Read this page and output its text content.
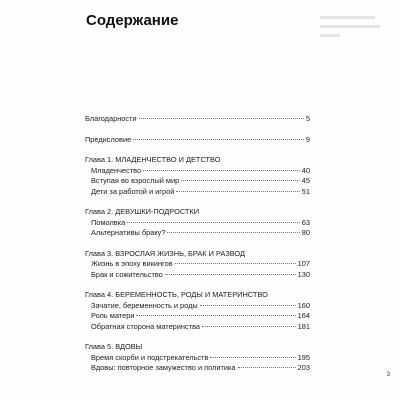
Содержание
Благодарности	5
Предисловие	9
Глава 1. МЛАДЕНЧЕСТВО И ДЕТСТВО
Младенчество	40
Вступая во взрослый мир	45
Дети за работой и игрой	51
Глава 2. ДЕВУШКИ-ПОДРОСТКИ
Помолвка	63
Альтернативы браку?	80
Глава 3. ВЗРОСЛАЯ ЖИЗНЬ, БРАК И РАЗВОД
Жизнь в эпоху викингов	107
Брак и сожительство	130
Глава 4. БЕРЕМЕННОСТЬ, РОДЫ И МАТЕРИНСТВО
Зачатие, беременность и роды	160
Роль матери	164
Обратная сторона материнства	181
Глава 5. ВДОВЫ
Время скорби и подстрекательств	195
Вдовы: повторное замужество и политика	203
3
